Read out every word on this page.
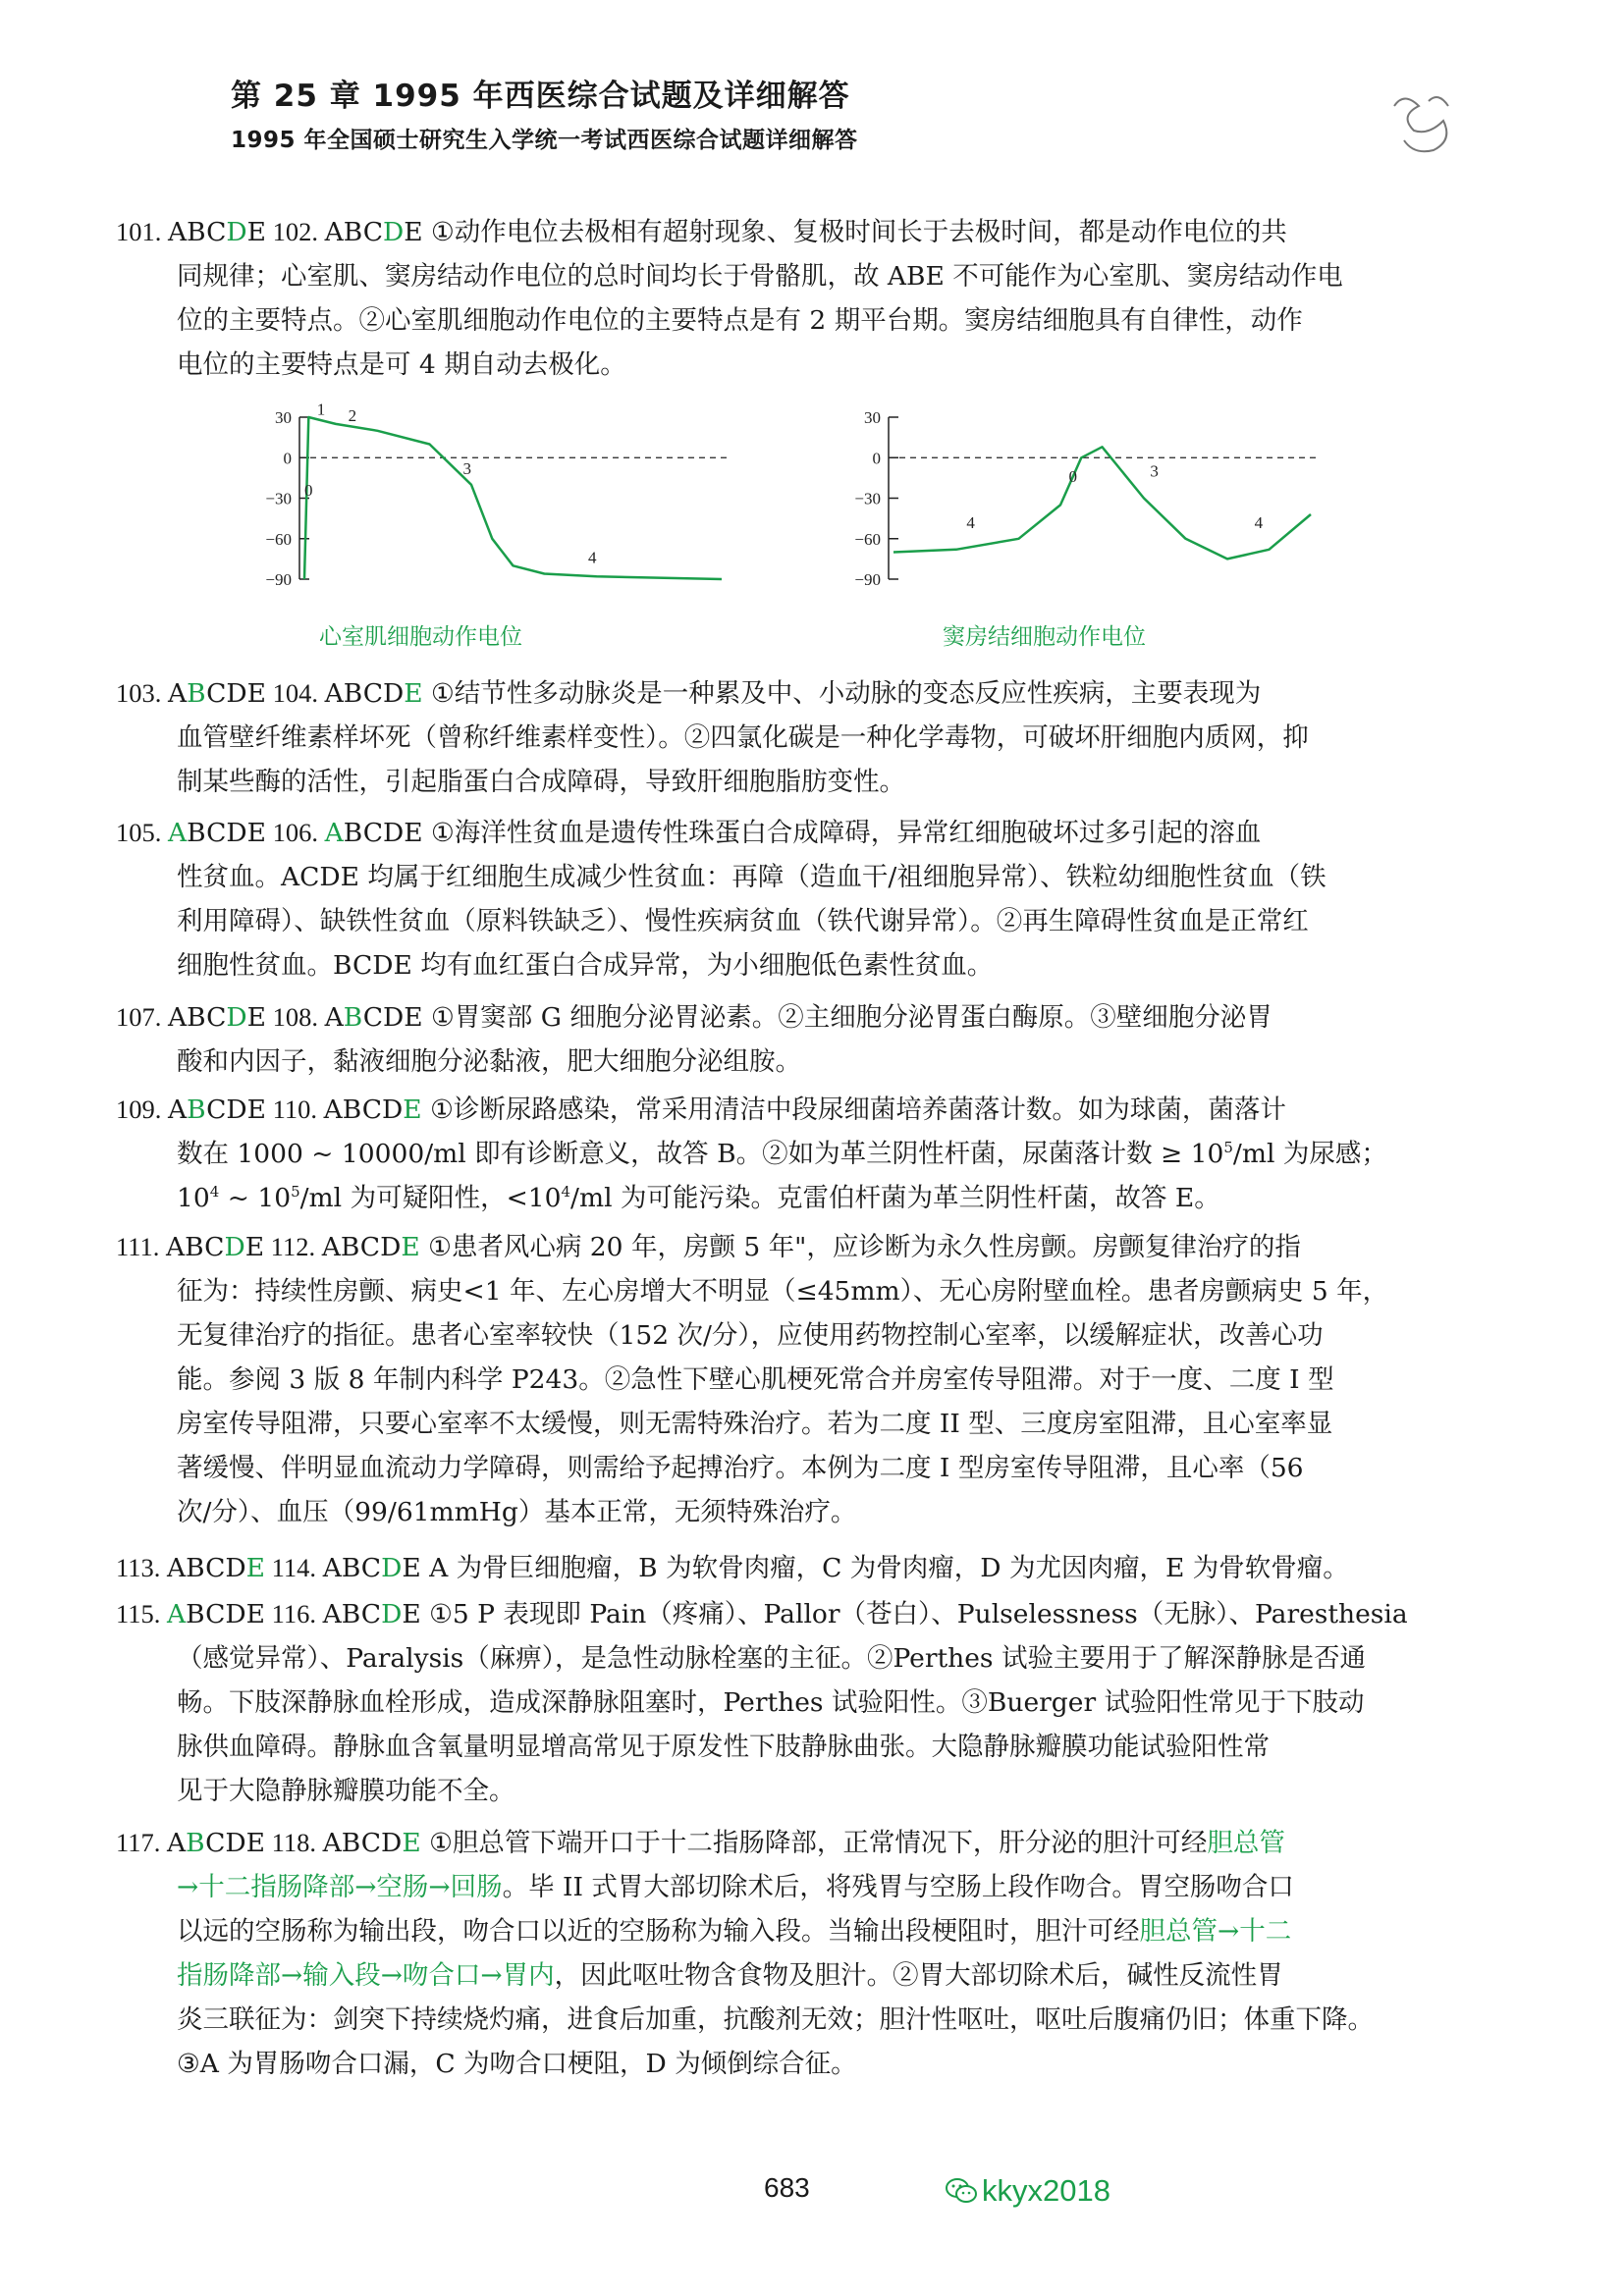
第 25 章 1995 年西医综合试题及详细解答
1995 年全国硕士研究生入学统一考试西医综合试题详细解答
101. ABCDE 102. ABCDE ①动作电位去极相有超射现象、复极时间长于去极时间，都是动作电位的共
同规律；心室肌、窦房结动作电位的总时间均长于骨骼肌，故 ABE 不可能作为心室肌、窦房结动作电
位的主要特点。②心室肌细胞动作电位的主要特点是有 2 期平台期。窦房结细胞具有自律性，动作
电位的主要特点是可 4 期自动去极化。
30
0
−30
−60
−90
0
1 2
3
4
心室肌细胞动作电位
30
0
−30
−60
−90
0	3
4	4
窦房结细胞动作电位
103. ABCDE 104. ABCDE ①结节性多动脉炎是一种累及中、小动脉的变态反应性疾病，主要表现为
血管壁纤维素样坏死（曾称纤维素样变性）。②四氯化碳是一种化学毒物，可破坏肝细胞内质网，抑
制某些酶的活性，引起脂蛋白合成障碍，导致肝细胞脂肪变性。
105. ABCDE 106. ABCDE ①海洋性贫血是遗传性珠蛋白合成障碍，异常红细胞破坏过多引起的溶血
性贫血。ACDE 均属于红细胞生成减少性贫血：再障（造血干/祖细胞异常）、铁粒幼细胞性贫血（铁
利用障碍）、缺铁性贫血（原料铁缺乏）、慢性疾病贫血（铁代谢异常）。②再生障碍性贫血是正常红
细胞性贫血。BCDE 均有血红蛋白合成异常，为小细胞低色素性贫血。
107. ABCDE 108. ABCDE ①胃窦部 G 细胞分泌胃泌素。②主细胞分泌胃蛋白酶原。③壁细胞分泌胃
酸和内因子，黏液细胞分泌黏液，肥大细胞分泌组胺。
109. ABCDE 110. ABCDE ①诊断尿路感染，常采用清洁中段尿细菌培养菌落计数。如为球菌，菌落计
数在 1000 ~ 10000/ml 即有诊断意义，故答 B。②如为革兰阴性杆菌，尿菌落计数 ≥ $10^5/ml$ 为尿感；
$10^4$ ~ $10^5/ml$ 为可疑阳性，$<10^4/ml$ 为可能污染。克雷伯杆菌为革兰阴性杆菌，故答 E。
111. ABCDE 112. ABCDE ①患者风心病 20 年，房颤 5 年"，应诊断为永久性房颤。房颤复律治疗的指
征为：持续性房颤、病史<1 年、左心房增大不明显（≤45mm）、无心房附壁血栓。患者房颤病史 5 年，
无复律治疗的指征。患者心室率较快（152 次/分），应使用药物控制心室率，以缓解症状，改善心功
能。参阅 3 版 8 年制内科学 P243。②急性下壁心肌梗死常合并房室传导阻滞。对于一度、二度 I 型
房室传导阻滞，只要心室率不太缓慢，则无需特殊治疗。若为二度 II 型、三度房室阻滞，且心室率显
著缓慢、伴明显血流动力学障碍，则需给予起搏治疗。本例为二度 I 型房室传导阻滞，且心率（56
次/分）、血压（99/61mmHg）基本正常，无须特殊治疗。
113. ABCDE 114. ABCDE A 为骨巨细胞瘤，B 为软骨肉瘤，C 为骨肉瘤，D 为尤因肉瘤，E 为骨软骨瘤。
115. ABCDE 116. ABCDE ①5 P 表现即 Pain（疼痛）、Pallor（苍白）、Pulselessness（无脉）、Paresthesia
（感觉异常）、Paralysis（麻痹），是急性动脉栓塞的主征。②Perthes 试验主要用于了解深静脉是否通
畅。下肢深静脉血栓形成，造成深静脉阻塞时，Perthes 试验阳性。③Buerger 试验阳性常见于下肢动
脉供血障碍。静脉血含氧量明显增高常见于原发性下肢静脉曲张。大隐静脉瓣膜功能试验阳性常
见于大隐静脉瓣膜功能不全。
117. ABCDE 118. ABCDE ①胆总管下端开口于十二指肠降部，正常情况下，肝分泌的胆汁可经胆总管
→十二指肠降部→空肠→回肠。毕 II 式胃大部切除术后，将残胃与空肠上段作吻合。胃空肠吻合口
以远的空肠称为输出段，吻合口以近的空肠称为输入段。当输出段梗阻时，胆汁可经胆总管→十二
指肠降部→输入段→吻合口→胃内，因此呕吐物含食物及胆汁。②胃大部切除术后，碱性反流性胃
炎三联征为：剑突下持续烧灼痛，进食后加重，抗酸剂无效；胆汁性呕吐，呕吐后腹痛仍旧；体重下降。
③A 为胃肠吻合口漏，C 为吻合口梗阻，D 为倾倒综合征。
683	kkyx2018
